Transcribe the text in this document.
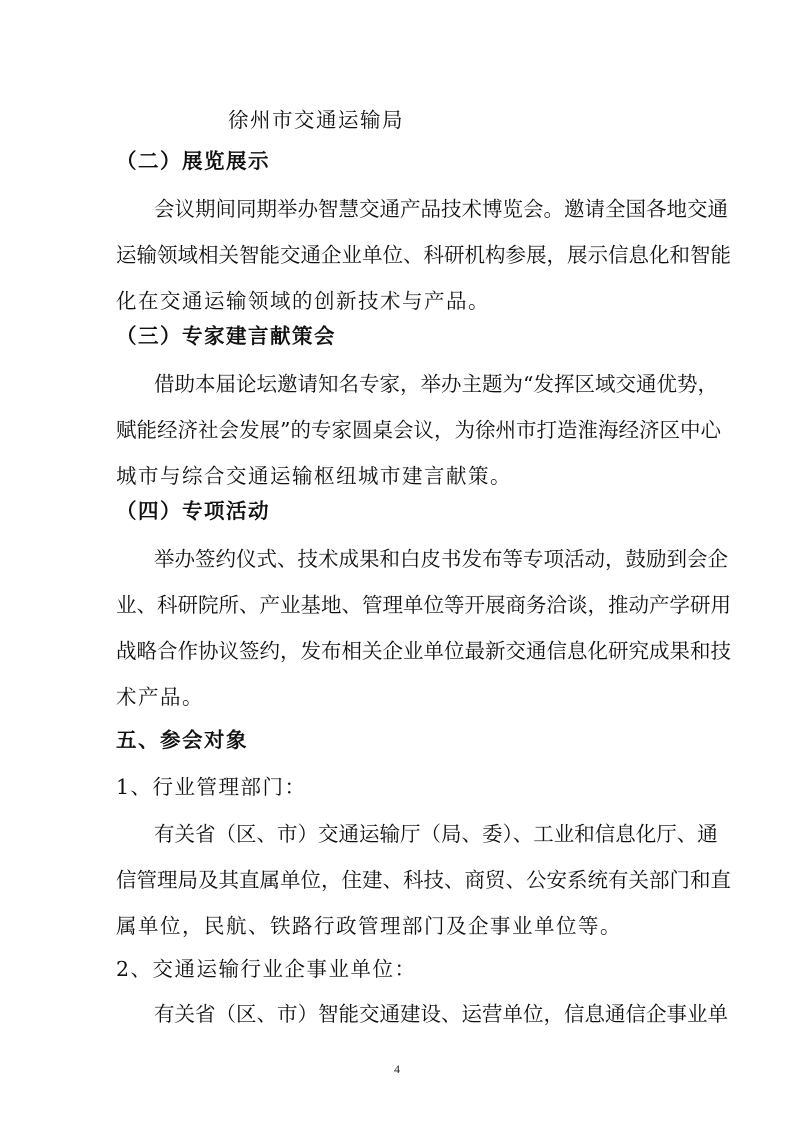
徐州市交通运输局
（二）展览展示
会议期间同期举办智慧交通产品技术博览会。邀请全国各地交通
运输领域相关智能交通企业单位、科研机构参展，展示信息化和智能
化在交通运输领域的创新技术与产品。
（三）专家建言献策会
借助本届论坛邀请知名专家，举办主题为“发挥区域交通优势，
赋能经济社会发展”的专家圆桌会议，为徐州市打造淮海经济区中心
城市与综合交通运输枢纽城市建言献策。
（四）专项活动
举办签约仪式、技术成果和白皮书发布等专项活动，鼓励到会企
业、科研院所、产业基地、管理单位等开展商务洽谈，推动产学研用
战略合作协议签约，发布相关企业单位最新交通信息化研究成果和技
术产品。
五、参会对象
1、行业管理部门：
有关省（区、市）交通运输厅（局、委）、工业和信息化厅、通
信管理局及其直属单位，住建、科技、商贸、公安系统有关部门和直
属单位，民航、铁路行政管理部门及企事业单位等。
2、交通运输行业企事业单位：
有关省（区、市）智能交通建设、运营单位，信息通信企事业单
4
